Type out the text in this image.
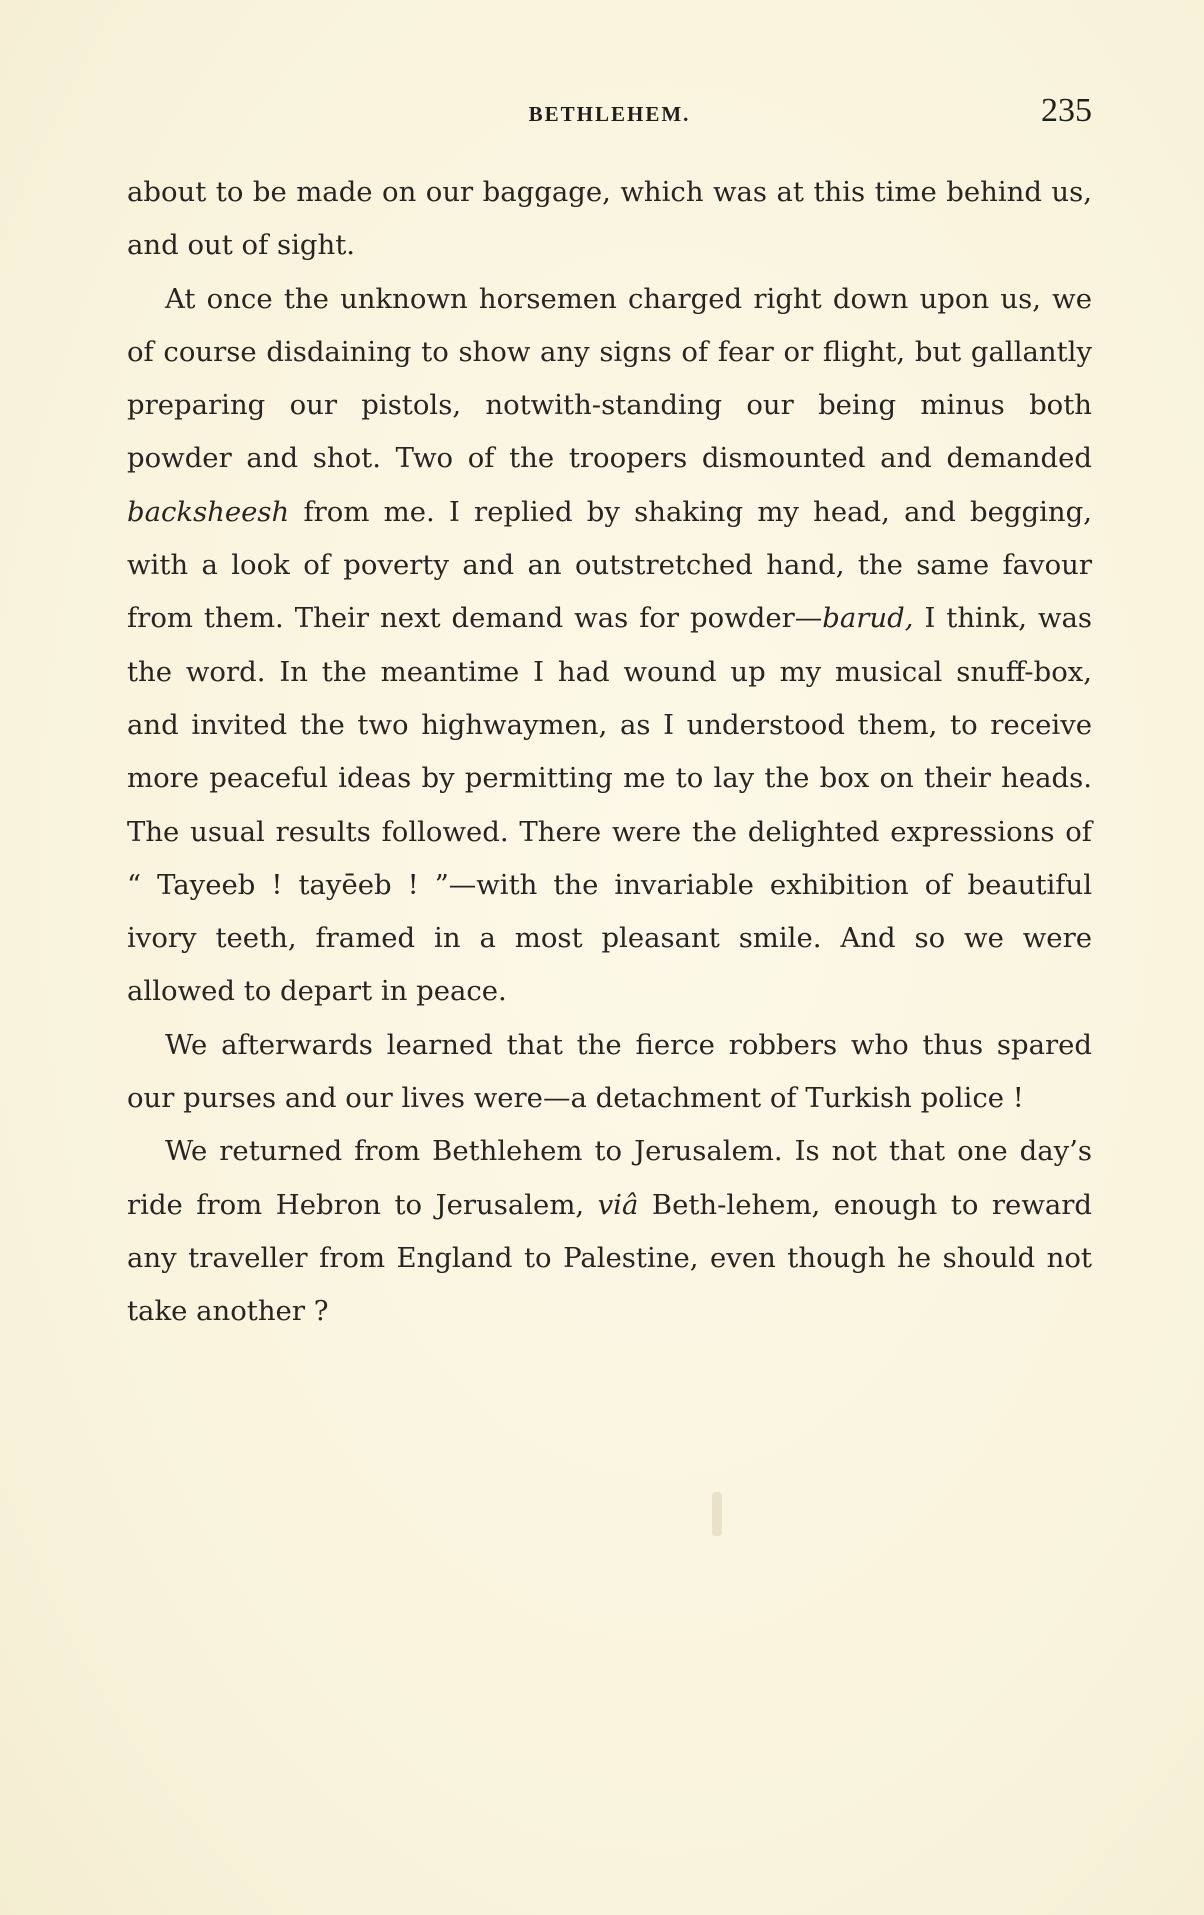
BETHLEHEM.	235

about to be made on our baggage, which was at this time behind us, and out of sight.

At once the unknown horsemen charged right down upon us, we of course disdaining to show any signs of fear or flight, but gallantly preparing our pistols, notwith-standing our being minus both powder and shot. Two of the troopers dismounted and demanded backsheesh from me. I replied by shaking my head, and begging, with a look of poverty and an outstretched hand, the same favour from them. Their next demand was for powder—barud, I think, was the word. In the meantime I had wound up my musical snuff-box, and invited the two highwaymen, as I understood them, to receive more peaceful ideas by permitting me to lay the box on their heads. The usual results followed. There were the delighted expressions of “ Tayeeb ! tayēeb ! ”—with the invariable exhibition of beautiful ivory teeth, framed in a most pleasant smile. And so we were allowed to depart in peace.

We afterwards learned that the fierce robbers who thus spared our purses and our lives were—a detachment of Turkish police !

We returned from Bethlehem to Jerusalem. Is not that one day’s ride from Hebron to Jerusalem, viâ Beth-lehem, enough to reward any traveller from England to Palestine, even though he should not take another ?
